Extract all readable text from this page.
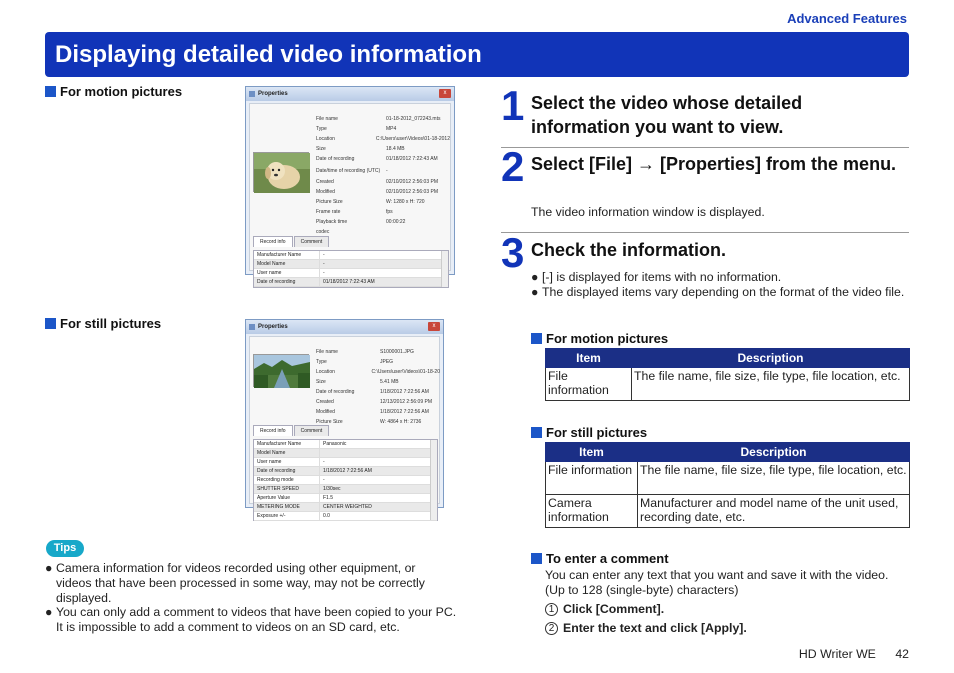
Advanced Features
Displaying detailed video information
For motion pictures	Properties	x
File name	01-18-2012_072243.mts
Type	MP4
Location	C:\Users\user\Videos\01-18-2012
Size	18.4 MB
Date of recording	01/18/2012 7:22:43 AM
Date/time of recording (UTC)	-
Created	02/10/2012 2:56:03 PM
Modified	02/10/2012 2:56:03 PM
Picture Size	W: 1280 x H: 720
Frame rate	fps
Playback time	00:00:22
codec
Record info	Comment
Manufacturer Name	-
Model Name	-
User name	-
Date of recording	01/18/2012 7:22:43 AM
For still pictures	Properties	x
File name	S1000001.JPG
Type	JPEG
Location	C:\Users\user\Videos\01-18-20
Size	5.41 MB
Date of recording	1/18/2012 7:22:56 AM
Created	12/13/2012 2:56:09 PM
Modified	1/18/2012 7:22:56 AM
Picture Size	W: 4864 x H: 2736
Record info	Comment
Manufacturer Name	Panasonic
Model Name
User name	-
Date of recording	1/18/2012 7:22:56 AM
Recording mode	-
SHUTTER SPEED	1/30sec
Aperture Value	F1.5
METERING MODE	CENTER WEIGHTED
Exposure +/-	0.0
Tips
● Camera information for videos recorded using other equipment, or videos that have been processed in some way, may not be correctly displayed.
● You can only add a comment to videos that have been copied to your PC.
It is impossible to add a comment to videos on an SD card, etc.
1 Select the video whose detailed information you want to view.
2 Select [File] → [Properties] from the menu.
The video information window is displayed.
3 Check the information.
● [-] is displayed for items with no information.
● The displayed items vary depending on the format of the video file.
For motion pictures
Item	Description
File information	The file name, file size, file type, file location, etc.
For still pictures
Item	Description
File information	The file name, file size, file type, file location, etc.
Camera information	Manufacturer and model name of the unit used, recording date, etc.
To enter a comment
You can enter any text that you want and save it with the video. (Up to 128 (single-byte) characters)
1 Click [Comment].
2 Enter the text and click [Apply].
HD Writer WE 42
